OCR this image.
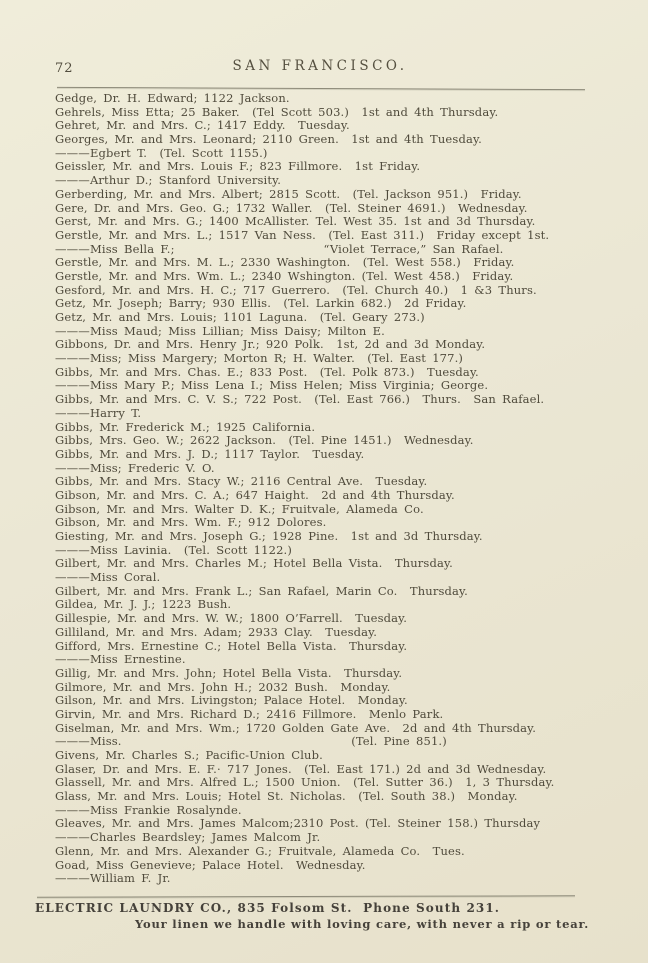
72	SAN FRANCISCO.
Gedge, Dr. H. Edward; 1122 Jackson.
Gehrels, Miss Etta; 25 Baker.  (Tel Scott 503.)  1st and 4th Thursday.
Gehret, Mr. and Mrs. C.; 1417 Eddy.  Tuesday.
Georges, Mr. and Mrs. Leonard; 2110 Green.  1st and 4th Tuesday.
———Egbert T.  (Tel. Scott 1155.)
Geissler, Mr. and Mrs. Louis F.; 823 Fillmore.  1st Friday.
———Arthur D.; Stanford University.
Gerberding, Mr. and Mrs. Albert; 2815 Scott.  (Tel. Jackson 951.)  Friday.
Gere, Dr. and Mrs. Geo. G.; 1732 Waller.  (Tel. Steiner 4691.)  Wednesday.
Gerst, Mr. and Mrs. G.; 1400 McAllister. Tel. West 35. 1st and 3d Thursday.
Gerstle, Mr. and Mrs. L.; 1517 Van Ness.  (Tel. East 311.)  Friday except 1st.
———Miss Bella F.;                        “Violet Terrace,” San Rafael.
Gerstle, Mr. and Mrs. M. L.; 2330 Washington.  (Tel. West 558.)  Friday.
Gerstle, Mr. and Mrs. Wm. L.; 2340 Wshington. (Tel. West 458.)  Friday.
Gesford, Mr. and Mrs. H. C.; 717 Guerrero.  (Tel. Church 40.)  1 &3 Thurs.
Getz, Mr. Joseph; Barry; 930 Ellis.  (Tel. Larkin 682.)  2d Friday.
Getz, Mr. and Mrs. Louis; 1101 Laguna.  (Tel. Geary 273.)
———Miss Maud; Miss Lillian; Miss Daisy; Milton E.
Gibbons, Dr. and Mrs. Henry Jr.; 920 Polk.  1st, 2d and 3d Monday.
———Miss; Miss Margery; Morton R; H. Walter.  (Tel. East 177.)
Gibbs, Mr. and Mrs. Chas. E.; 833 Post.  (Tel. Polk 873.)  Tuesday.
———Miss Mary P.; Miss Lena I.; Miss Helen; Miss Virginia; George.
Gibbs, Mr. and Mrs. C. V. S.; 722 Post.  (Tel. East 766.)  Thurs.  San Rafael.
———Harry T.
Gibbs, Mr. Frederick M.; 1925 California.
Gibbs, Mrs. Geo. W.; 2622 Jackson.  (Tel. Pine 1451.)  Wednesday.
Gibbs, Mr. and Mrs. J. D.; 1117 Taylor.  Tuesday.
———Miss; Frederic V. O.
Gibbs, Mr. and Mrs. Stacy W.; 2116 Central Ave.  Tuesday.
Gibson, Mr. and Mrs. C. A.; 647 Haight.  2d and 4th Thursday.
Gibson, Mr. and Mrs. Walter D. K.; Fruitvale, Alameda Co.
Gibson, Mr. and Mrs. Wm. F.; 912 Dolores.
Giesting, Mr. and Mrs. Joseph G.; 1928 Pine.  1st and 3d Thursday.
———Miss Lavinia.  (Tel. Scott 1122.)
Gilbert, Mr. and Mrs. Charles M.; Hotel Bella Vista.  Thursday.
———Miss Coral.
Gilbert, Mr. and Mrs. Frank L.; San Rafael, Marin Co.  Thursday.
Gildea, Mr. J. J.; 1223 Bush.
Gillespie, Mr. and Mrs. W. W.; 1800 O’Farrell.  Tuesday.
Gilliland, Mr. and Mrs. Adam; 2933 Clay.  Tuesday.
Gifford, Mrs. Ernestine C.; Hotel Bella Vista.  Thursday.
———Miss Ernestine.
Gillig, Mr. and Mrs. John; Hotel Bella Vista.  Thursday.
Gilmore, Mr. and Mrs. John H.; 2032 Bush.  Monday.
Gilson, Mr. and Mrs. Livingston; Palace Hotel.  Monday.
Girvin, Mr. and Mrs. Richard D.; 2416 Fillmore.  Menlo Park.
Giselman, Mr. and Mrs. Wm.; 1720 Golden Gate Ave.  2d and 4th Thursday.
———Miss.                                     (Tel. Pine 851.)
Givens, Mr. Charles S.; Pacific-Union Club.
Glaser, Dr. and Mrs. E. F.· 717 Jones.  (Tel. East 171.) 2d and 3d Wednesday.
Glassell, Mr. and Mrs. Alfred L.; 1500 Union.  (Tel. Sutter 36.)  1, 3 Thursday.
Glass, Mr. and Mrs. Louis; Hotel St. Nicholas.  (Tel. South 38.)  Monday.
———Miss Frankie Rosalynde.
Gleaves, Mr. and Mrs. James Malcom;2310 Post. (Tel. Steiner 158.) Thursday
———Charles Beardsley; James Malcom Jr.
Glenn, Mr. and Mrs. Alexander G.; Fruitvale, Alameda Co.  Tues.
Goad, Miss Genevieve; Palace Hotel.  Wednesday.
———William F. Jr.
ELECTRIC LAUNDRY CO., 835 Folsom St.  Phone South 231.
Your linen we handle with loving care, with never a rip or tear.
